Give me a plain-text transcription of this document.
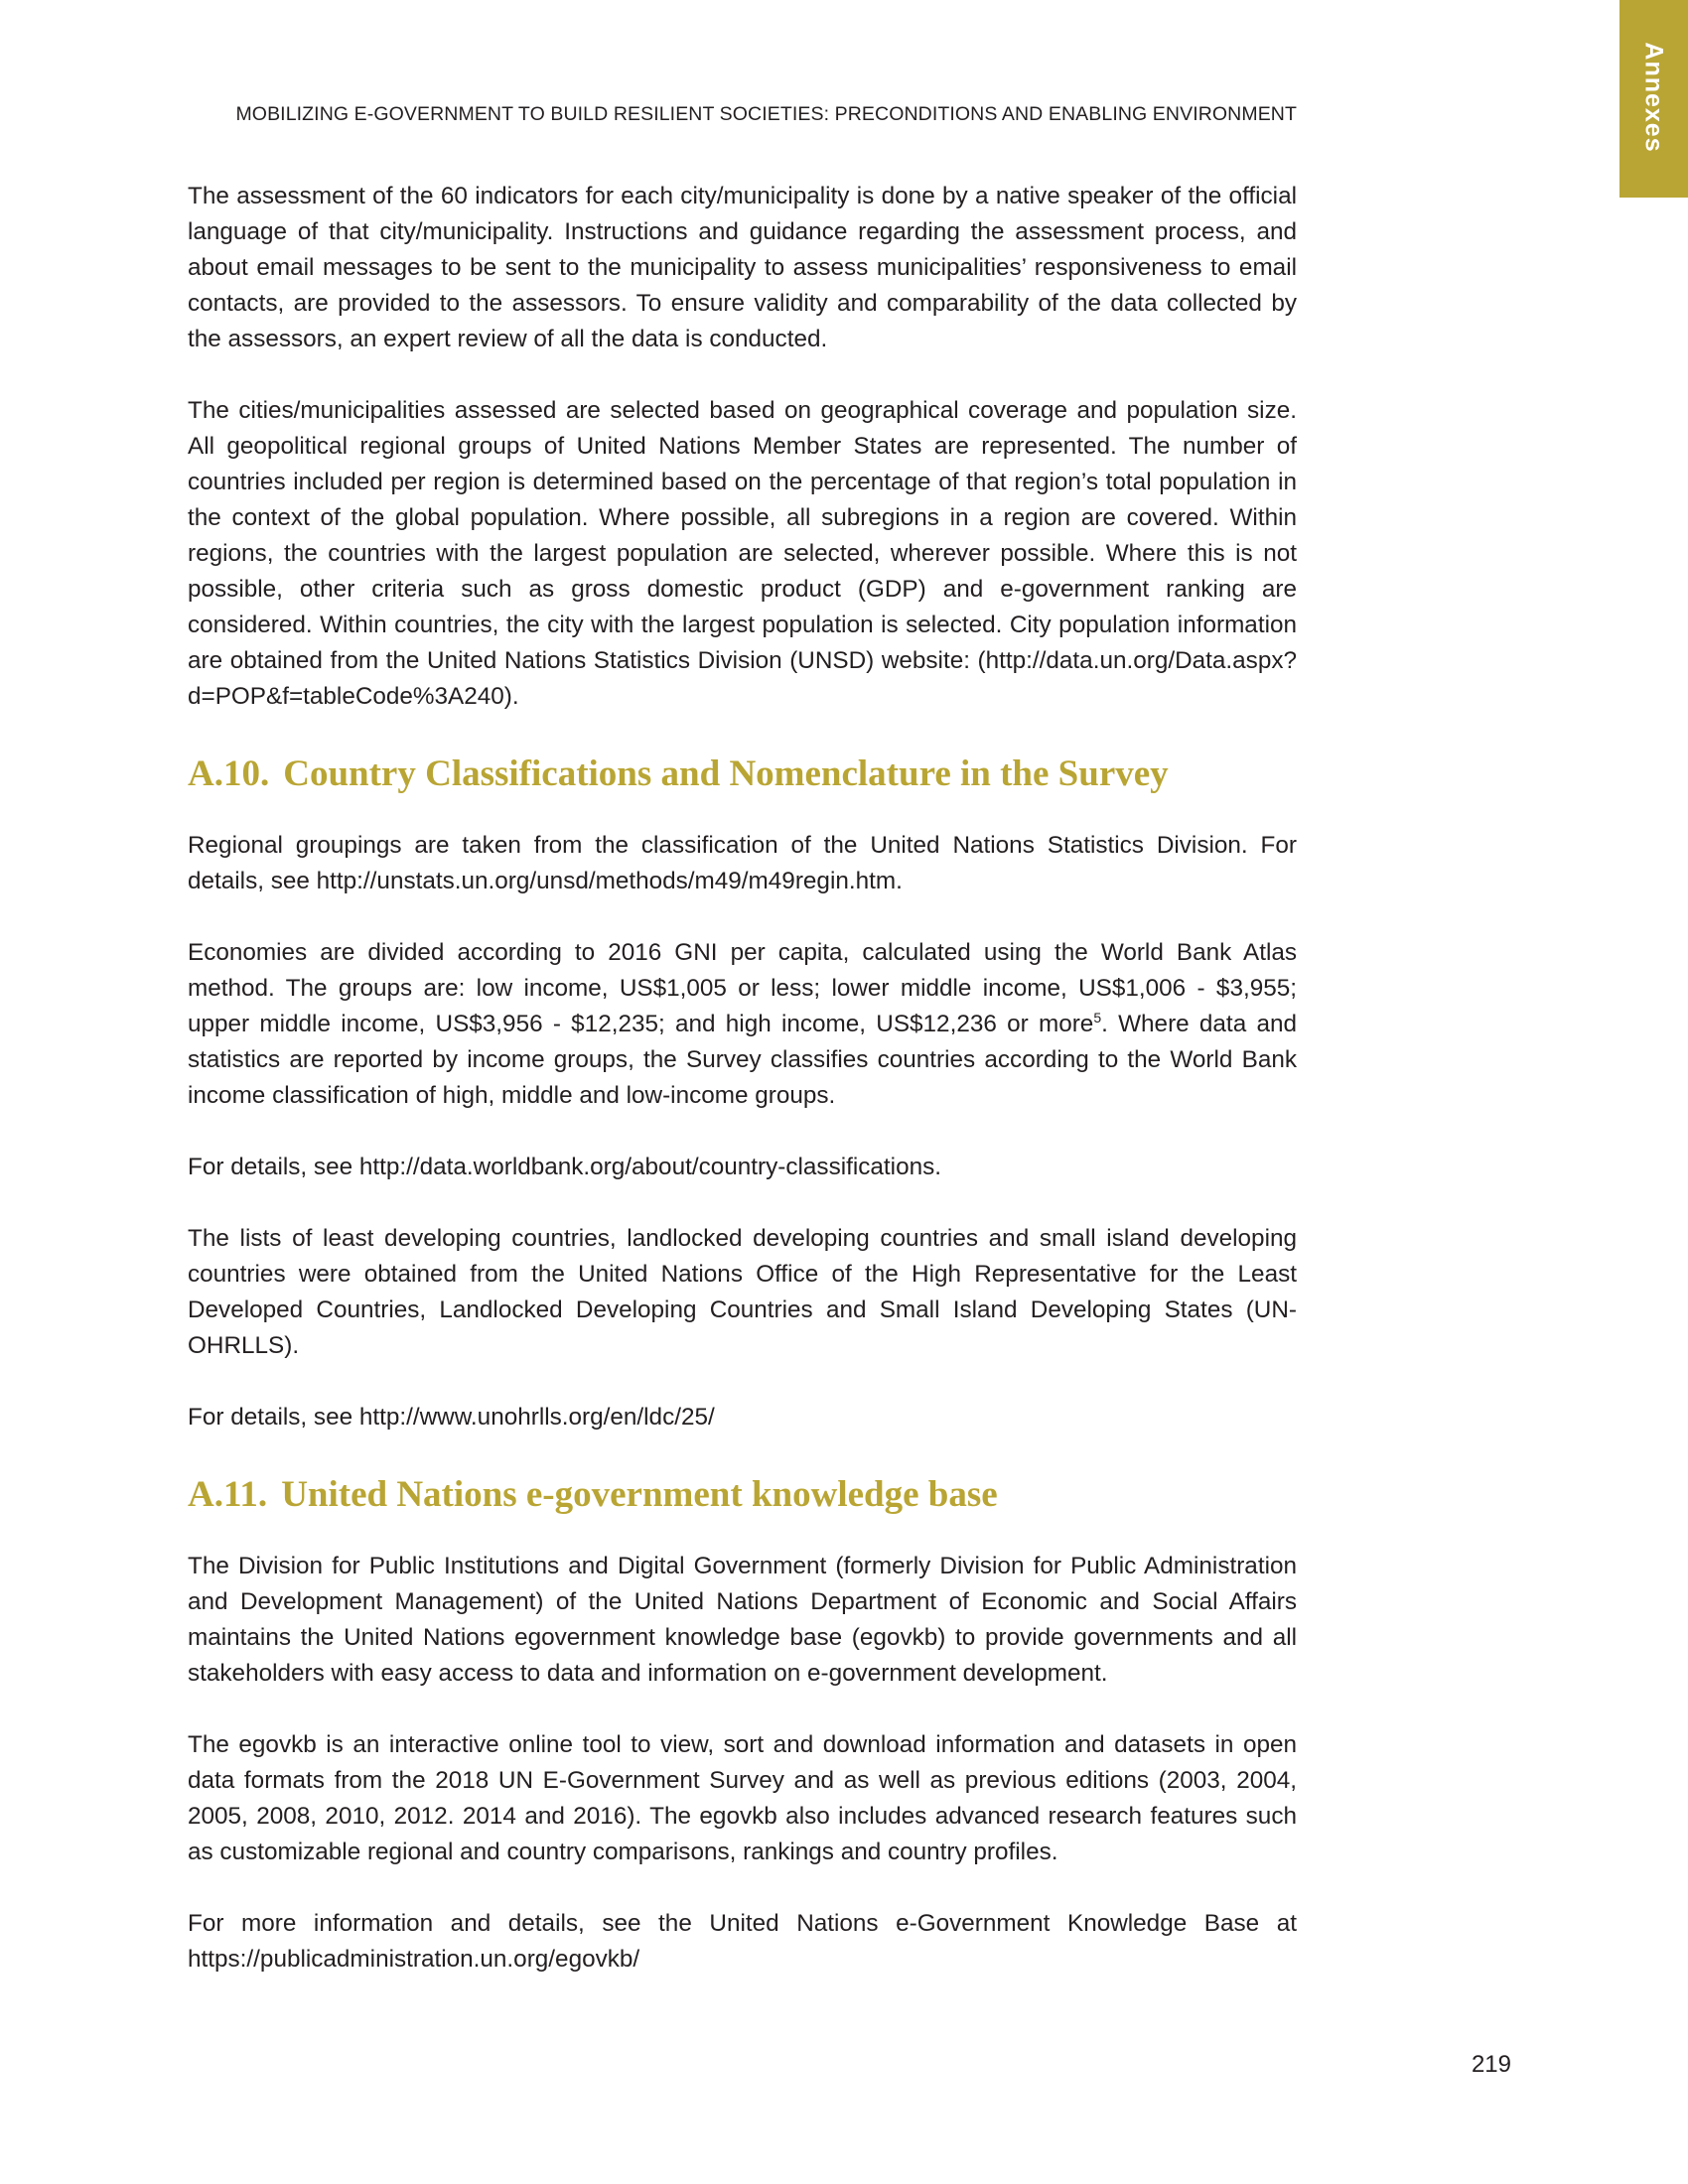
Annexes
MOBILIZING E-GOVERNMENT TO BUILD RESILIENT SOCIETIES: PRECONDITIONS AND ENABLING ENVIRONMENT

The assessment of the 60 indicators for each city/municipality is done by a native speaker of the official language of that city/municipality. Instructions and guidance regarding the assessment process, and about email messages to be sent to the municipality to assess municipalities’ responsiveness to email contacts, are provided to the assessors. To ensure validity and comparability of the data collected by the assessors, an expert review of all the data is conducted.

The cities/municipalities assessed are selected based on geographical coverage and population size. All geopolitical regional groups of United Nations Member States are represented. The number of countries included per region is determined based on the percentage of that region’s total population in the context of the global population. Where possible, all subregions in a region are covered. Within regions, the countries with the largest population are selected, wherever possible. Where this is not possible, other criteria such as gross domestic product (GDP) and e-government ranking are considered. Within countries, the city with the largest population is selected. City population information are obtained from the United Nations Statistics Division (UNSD) website: (http://data.un.org/Data.aspx?d=POP&f=tableCode%3A240).

A.10. Country Classifications and Nomenclature in the Survey

Regional groupings are taken from the classification of the United Nations Statistics Division. For details, see http://unstats.un.org/unsd/methods/m49/m49regin.htm.

Economies are divided according to 2016 GNI per capita, calculated using the World Bank Atlas method. The groups are: low income, US$1,005 or less; lower middle income, US$1,006 - $3,955; upper middle income, US$3,956 - $12,235; and high income, US$12,236 or more$^5$. Where data and statistics are reported by income groups, the Survey classifies countries according to the World Bank income classification of high, middle and low-income groups.

For details, see http://data.worldbank.org/about/country-classifications.

The lists of least developing countries, landlocked developing countries and small island developing countries were obtained from the United Nations Office of the High Representative for the Least Developed Countries, Landlocked Developing Countries and Small Island Developing States (UN-OHRLLS).

For details, see http://www.unohrlls.org/en/ldc/25/

A.11. United Nations e-government knowledge base

The Division for Public Institutions and Digital Government (formerly Division for Public Administration and Development Management) of the United Nations Department of Economic and Social Affairs maintains the United Nations egovernment knowledge base (egovkb) to provide governments and all stakeholders with easy access to data and information on e-government development.

The egovkb is an interactive online tool to view, sort and download information and datasets in open data formats from the 2018 UN E-Government Survey and as well as previous editions (2003, 2004, 2005, 2008, 2010, 2012. 2014 and 2016). The egovkb also includes advanced research features such as customizable regional and country comparisons, rankings and country profiles.

For more information and details, see the United Nations e-Government Knowledge Base at https://publicadministration.un.org/egovkb/

219
